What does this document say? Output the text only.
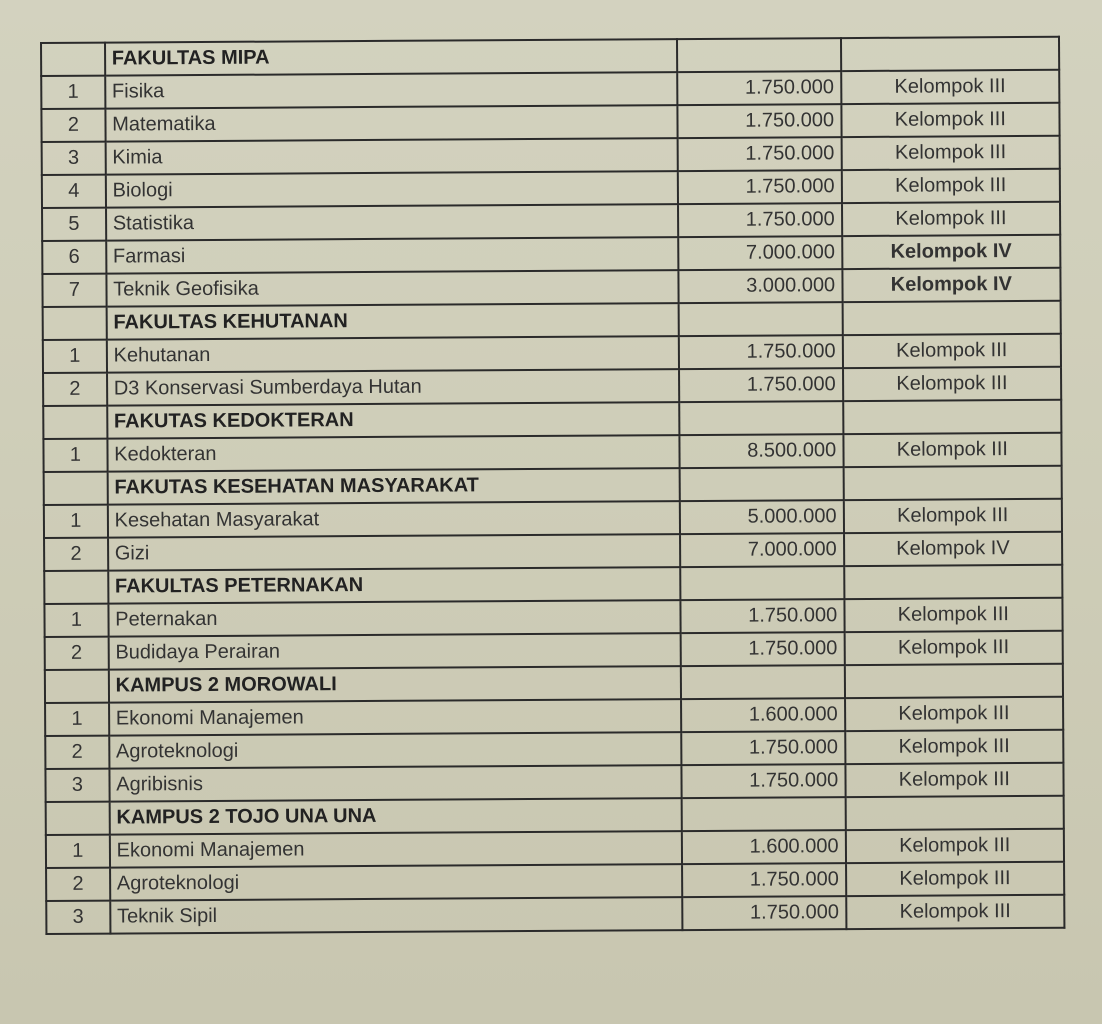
	FAKULTAS MIPA		
1	Fisika	1.750.000	Kelompok III
2	Matematika	1.750.000	Kelompok III
3	Kimia	1.750.000	Kelompok III
4	Biologi	1.750.000	Kelompok III
5	Statistika	1.750.000	Kelompok III
6	Farmasi	7.000.000	Kelompok IV
7	Teknik Geofisika	3.000.000	Kelompok IV
	FAKULTAS KEHUTANAN		
1	Kehutanan	1.750.000	Kelompok III
2	D3 Konservasi Sumberdaya Hutan	1.750.000	Kelompok III
	FAKUTAS KEDOKTERAN		
1	Kedokteran	8.500.000	Kelompok III
	FAKUTAS KESEHATAN MASYARAKAT		
1	Kesehatan Masyarakat	5.000.000	Kelompok III
2	Gizi	7.000.000	Kelompok IV
	FAKULTAS PETERNAKAN		
1	Peternakan	1.750.000	Kelompok III
2	Budidaya Perairan	1.750.000	Kelompok III
	KAMPUS 2 MOROWALI		
1	Ekonomi Manajemen	1.600.000	Kelompok III
2	Agroteknologi	1.750.000	Kelompok III
3	Agribisnis	1.750.000	Kelompok III
	KAMPUS 2 TOJO UNA UNA		
1	Ekonomi Manajemen	1.600.000	Kelompok III
2	Agroteknologi	1.750.000	Kelompok III
3	Teknik Sipil	1.750.000	Kelompok III
